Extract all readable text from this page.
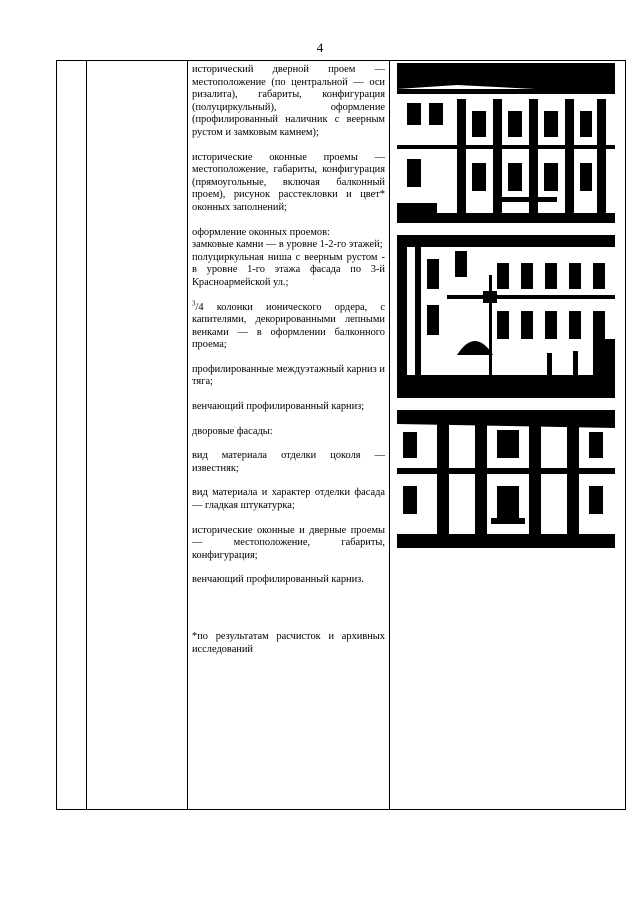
4

исторический дверной проем — местоположение (по центральной — оси ризалита), габариты, конфигурация (полуциркульный), оформление (профилированный наличник с веерным рустом и замковым камнем);

исторические оконные проемы — местоположение, габариты, конфигурация (прямоугольные, включая балконный проем), рисунок расстекловки и цвет* оконных заполнений;

оформление оконных проемов:
замковые камни — в уровне 1-2-го этажей;
полуциркульная ниша с веерным рустом - в уровне 1-го этажа фасада по 3-й Красноармейской ул.;

$^3$/4 колонки ионического ордера, с капителями, декорированными лепными венками — в оформлении балконного проема;

профилированные междуэтажный карниз и тяга;

венчающий профилированный карниз;

дворовые фасады:

вид материала отделки цоколя — известняк;

вид материала и характер отделки фасада — гладкая штукатурка;

исторические оконные и дверные проемы — местоположение, габариты, конфигурация;

венчающий профилированный карниз.

*по результатам расчисток и архивных исследований
